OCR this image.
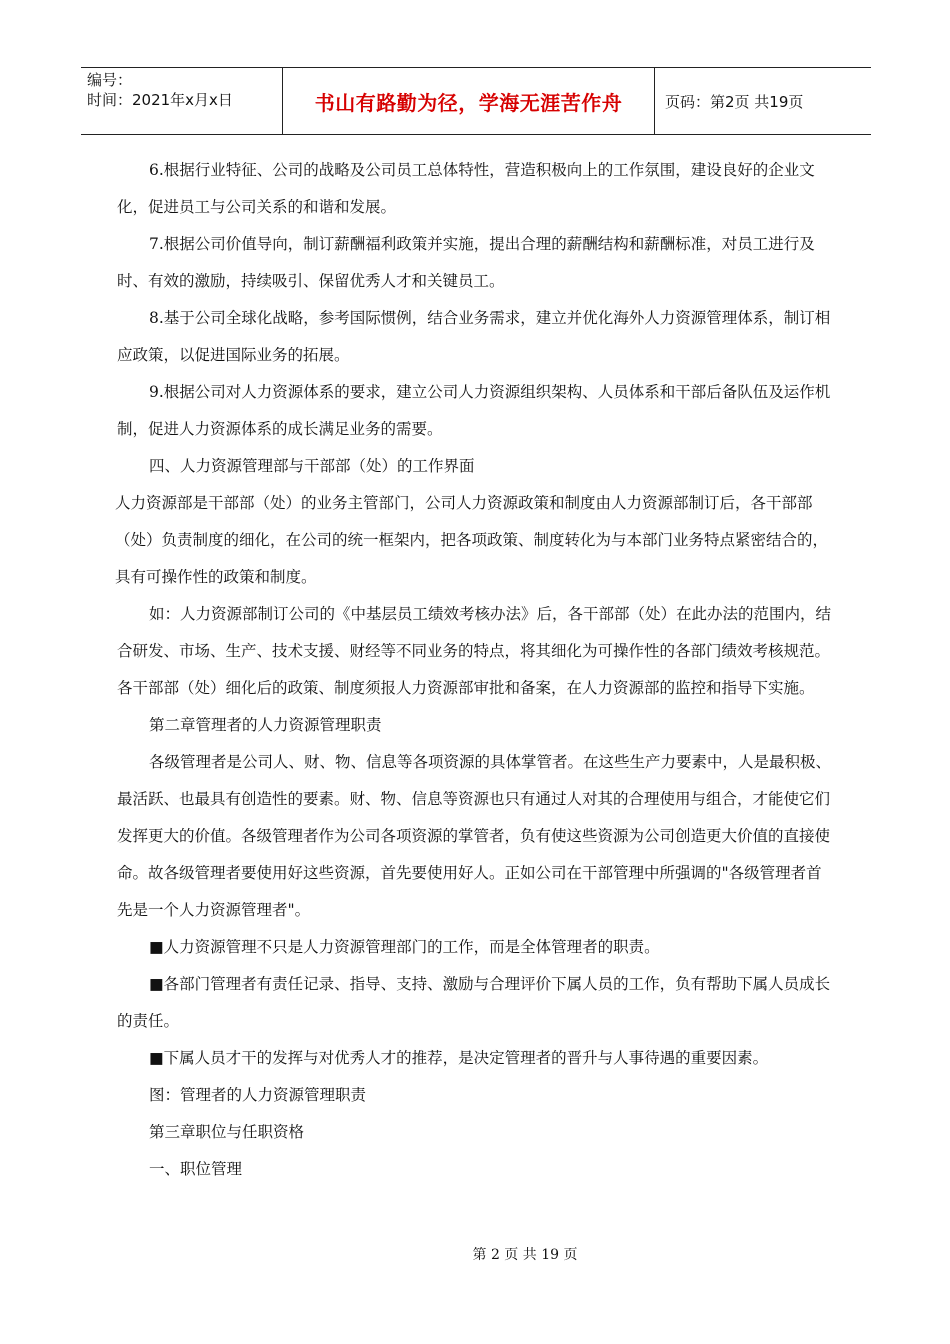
编号：
时间：2021年x月x日	书山有路勤为径，学海无涯苦作舟	页码：第2页 共19页

6.根据行业特征、公司的战略及公司员工总体特性，营造积极向上的工作氛围，建设良好的企业文化，促进员工与公司关系的和谐和发展。

7.根据公司价值导向，制订薪酬福利政策并实施，提出合理的薪酬结构和薪酬标准，对员工进行及时、有效的激励，持续吸引、保留优秀人才和关键员工。

8.基于公司全球化战略，参考国际惯例，结合业务需求，建立并优化海外人力资源管理体系，制订相应政策，以促进国际业务的拓展。

9.根据公司对人力资源体系的要求，建立公司人力资源组织架构、人员体系和干部后备队伍及运作机制，促进人力资源体系的成长满足业务的需要。

四、人力资源管理部与干部部（处）的工作界面

人力资源部是干部部（处）的业务主管部门，公司人力资源政策和制度由人力资源部制订后，各干部部（处）负责制度的细化，在公司的统一框架内，把各项政策、制度转化为与本部门业务特点紧密结合的，具有可操作性的政策和制度。

如：人力资源部制订公司的《中基层员工绩效考核办法》后，各干部部（处）在此办法的范围内，结合研发、市场、生产、技术支援、财经等不同业务的特点，将其细化为可操作性的各部门绩效考核规范。各干部部（处）细化后的政策、制度须报人力资源部审批和备案，在人力资源部的监控和指导下实施。

第二章管理者的人力资源管理职责

各级管理者是公司人、财、物、信息等各项资源的具体掌管者。在这些生产力要素中，人是最积极、最活跃、也最具有创造性的要素。财、物、信息等资源也只有通过人对其的合理使用与组合，才能使它们发挥更大的价值。各级管理者作为公司各项资源的掌管者，负有使这些资源为公司创造更大价值的直接使命。故各级管理者要使用好这些资源，首先要使用好人。正如公司在干部管理中所强调的"各级管理者首先是一个人力资源管理者"。

■人力资源管理不只是人力资源管理部门的工作，而是全体管理者的职责。

■各部门管理者有责任记录、指导、支持、激励与合理评价下属人员的工作，负有帮助下属人员成长的责任。

■下属人员才干的发挥与对优秀人才的推荐，是决定管理者的晋升与人事待遇的重要因素。

图：管理者的人力资源管理职责

第三章职位与任职资格

一、职位管理

第 2 页 共 19 页
